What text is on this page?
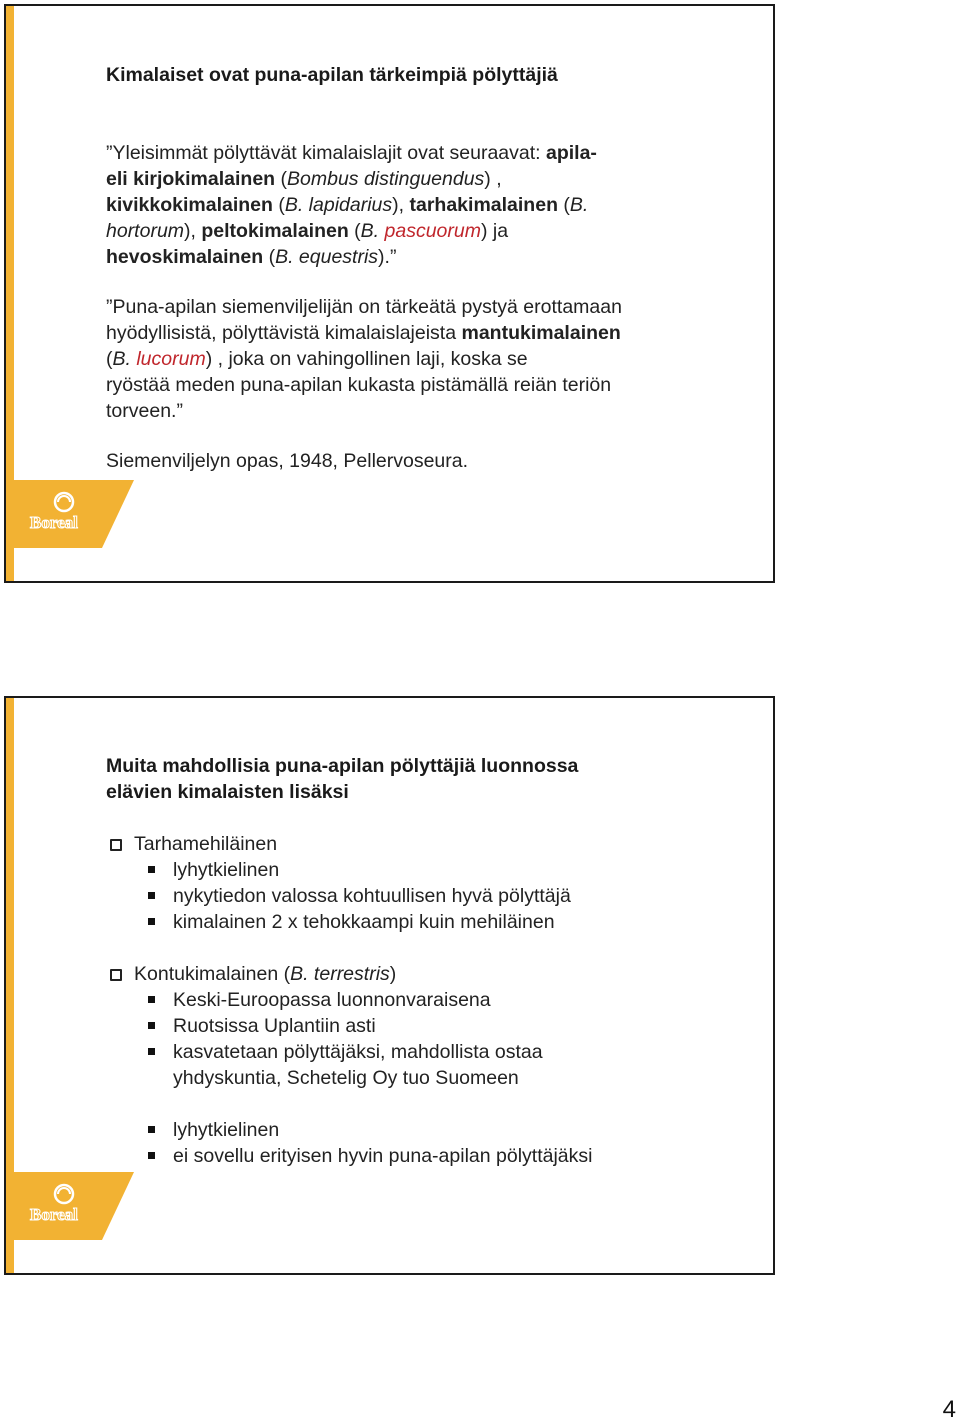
Boreal
Kimalaiset ovat puna-apilan tärkeimpiä pölyttäjiä
”Yleisimmät pölyttävät kimalaislajit ovat seuraavat: apila-
eli kirjokimalainen (Bombus distinguendus) ,
kivikkokimalainen (B. lapidarius), tarhakimalainen (B.
hortorum), peltokimalainen (B. pascuorum) ja
hevoskimalainen (B. equestris).”
”Puna-apilan siemenviljelijän on tärkeätä pystyä erottamaan
hyödyllisistä, pölyttävistä kimalaislajeista mantukimalainen
(B. lucorum) , joka on vahingollinen laji, koska se
ryöstää meden puna-apilan kukasta pistämällä reiän teriön
torveen.”
Siemenviljelyn opas, 1948, Pellervoseura.
Boreal
Muita mahdollisia puna-apilan pölyttäjiä luonnossa
elävien kimalaisten lisäksi
Tarhamehiläinen
lyhytkielinen
nykytiedon valossa kohtuullisen hyvä pölyttäjä
kimalainen 2 x tehokkaampi kuin mehiläinen
Kontukimalainen (B. terrestris)
Keski-Euroopassa luonnonvaraisena
Ruotsissa Uplantiin asti
kasvatetaan pölyttäjäksi, mahdollista ostaa
yhdyskuntia, Schetelig Oy tuo Suomeen
lyhytkielinen
ei sovellu erityisen hyvin puna-apilan pölyttäjäksi
4
